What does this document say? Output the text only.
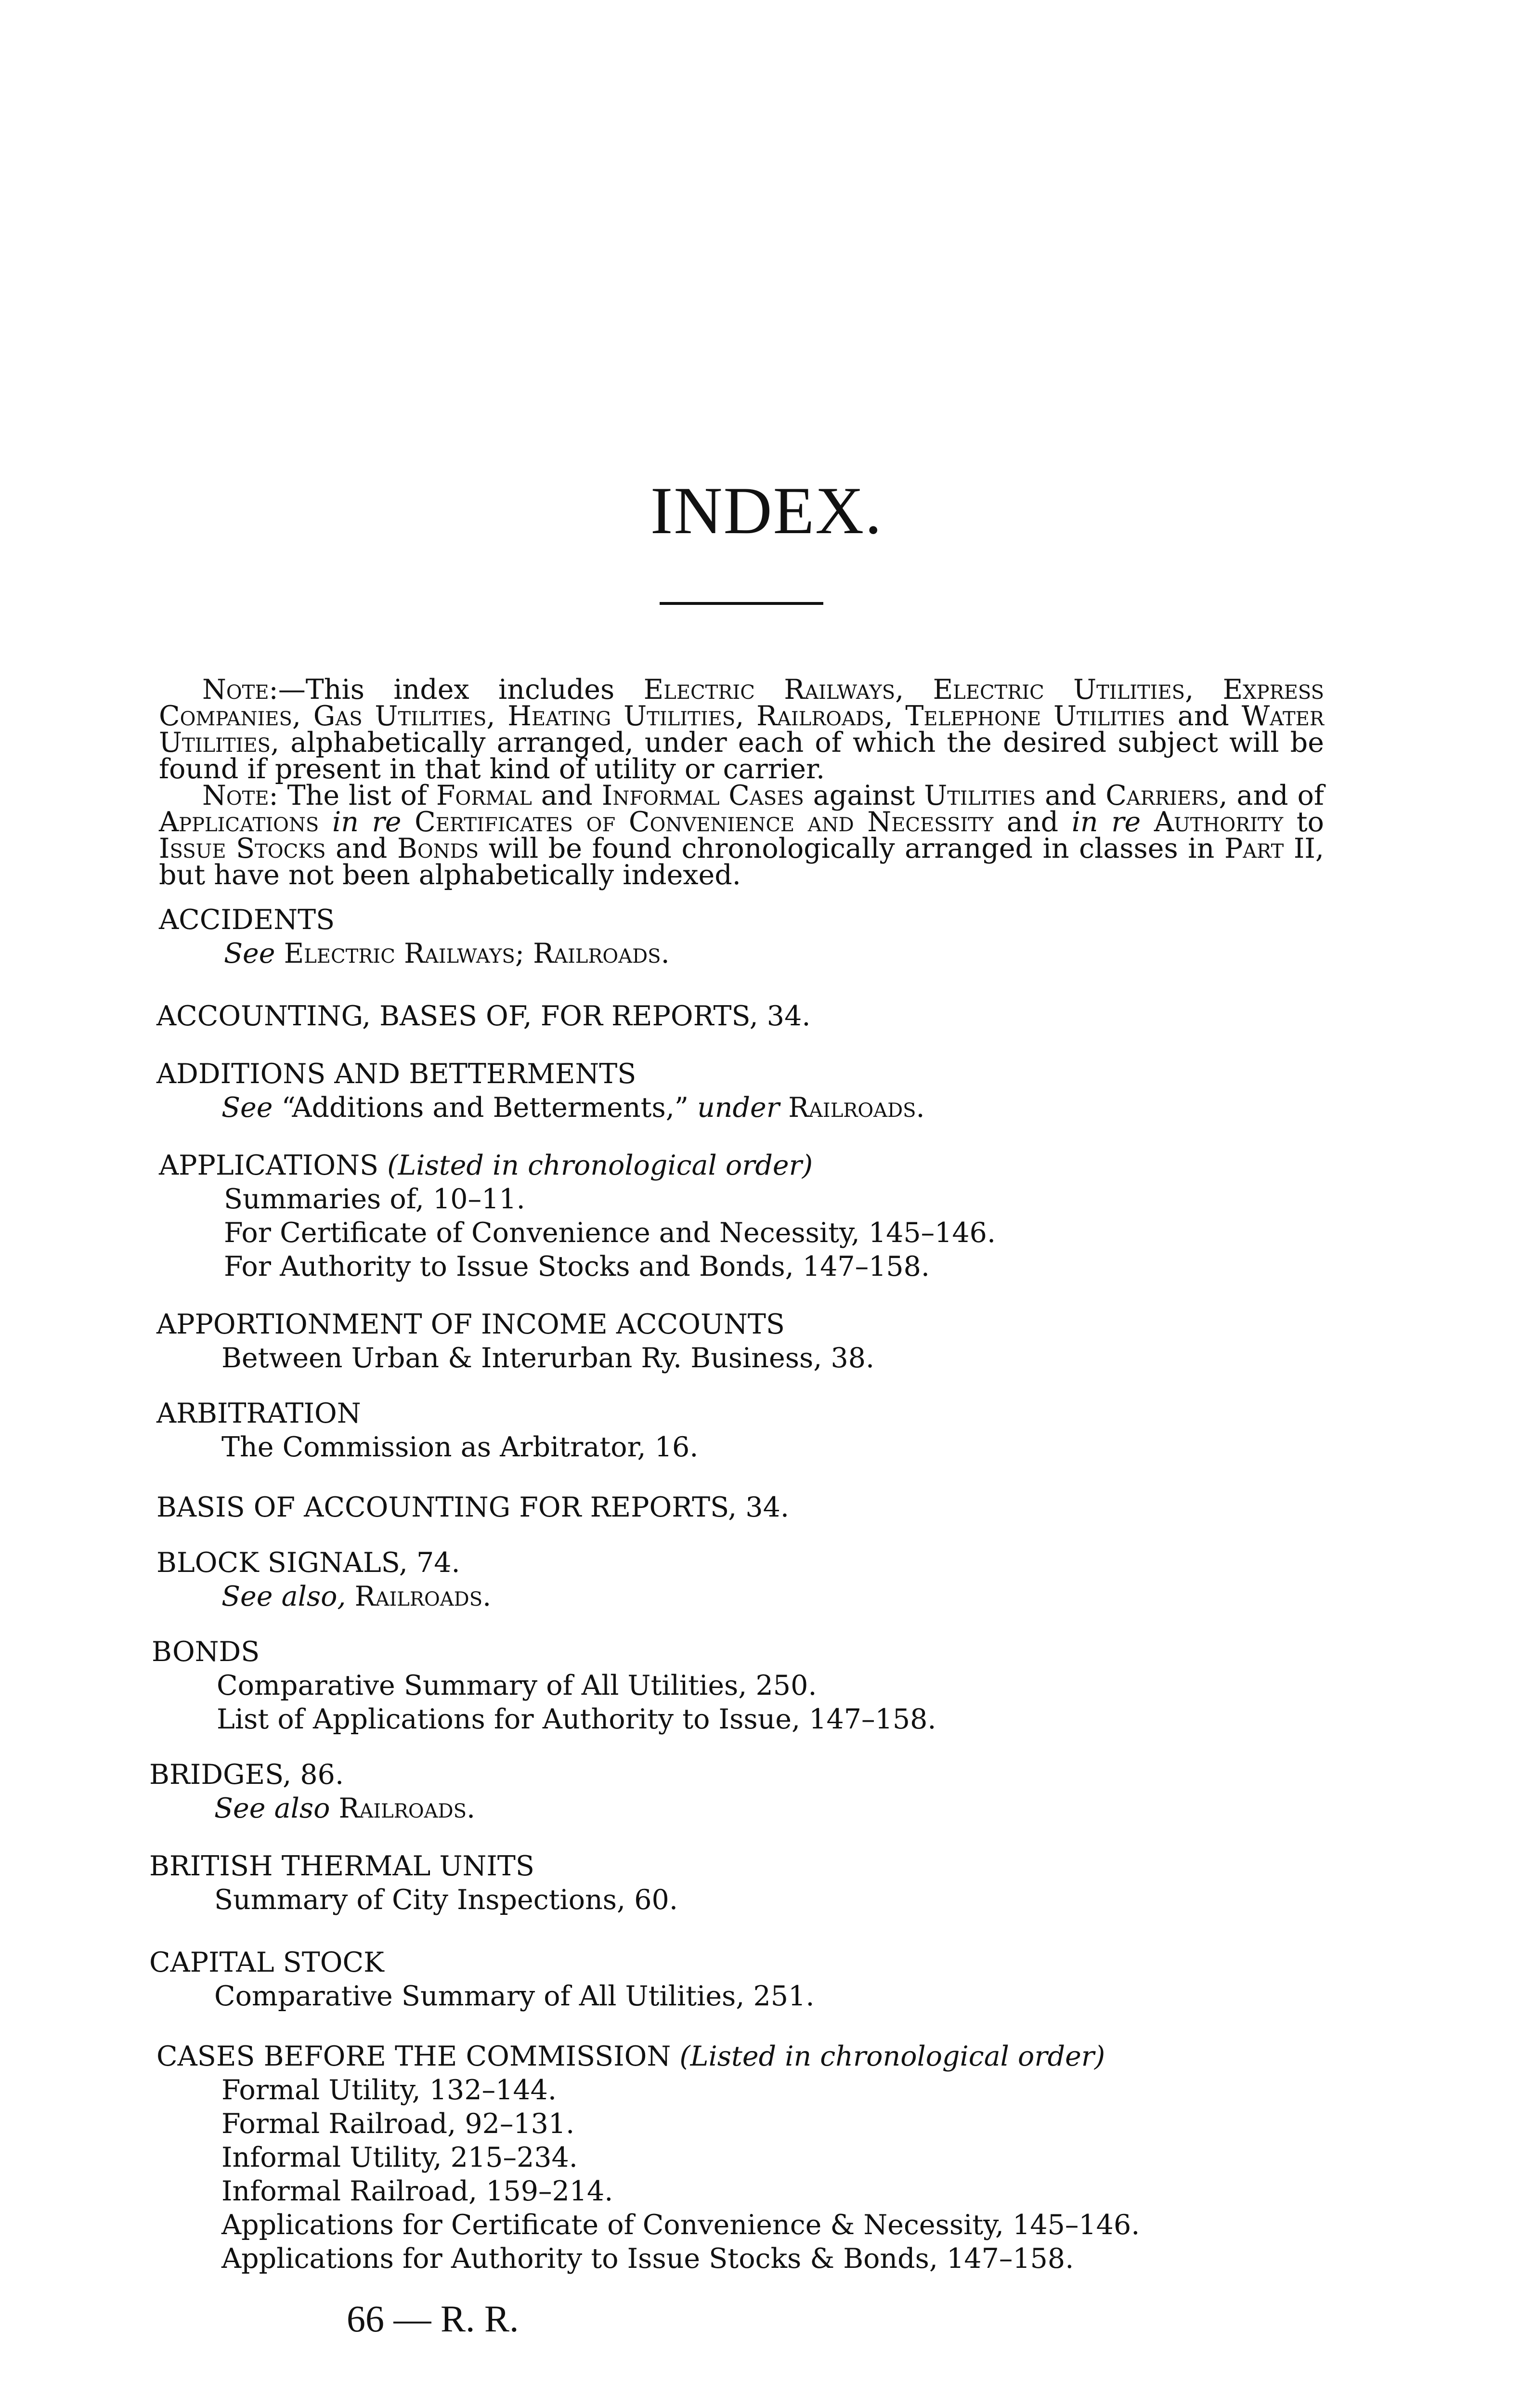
INDEX.

Note:—This index includes Electric Railways, Electric Utilities, Express Companies, Gas Utilities, Heating Utilities, Railroads, Telephone Utilities and Water Utilities, alphabetically arranged, under each of which the desired subject will be found if present in that kind of utility or carrier.

Note: The list of Formal and Informal Cases against Utilities and Carriers, and of Applications in re Certificates of Convenience and Necessity and in re Authority to Issue Stocks and Bonds will be found chronologically arranged in classes in Part II, but have not been alphabetically indexed.

ACCIDENTS
See Electric Railways; Railroads.
ACCOUNTING, BASES OF, FOR REPORTS, 34.
ADDITIONS AND BETTERMENTS
See “Additions and Betterments,” under Railroads.
APPLICATIONS (Listed in chronological order)
Summaries of, 10–11.
For Certificate of Convenience and Necessity, 145–146.
For Authority to Issue Stocks and Bonds, 147–158.
APPORTIONMENT OF INCOME ACCOUNTS
Between Urban & Interurban Ry. Business, 38.
ARBITRATION
The Commission as Arbitrator, 16.
BASIS OF ACCOUNTING FOR REPORTS, 34.
BLOCK SIGNALS, 74.
See also, Railroads.
BONDS
Comparative Summary of All Utilities, 250.
List of Applications for Authority to Issue, 147–158.
BRIDGES, 86.
See also Railroads.
BRITISH THERMAL UNITS
Summary of City Inspections, 60.
CAPITAL STOCK
Comparative Summary of All Utilities, 251.
CASES BEFORE THE COMMISSION (Listed in chronological order)
Formal Utility, 132–144.
Formal Railroad, 92–131.
Informal Utility, 215–234.
Informal Railroad, 159–214.
Applications for Certificate of Convenience & Necessity, 145–146.
Applications for Authority to Issue Stocks & Bonds, 147–158.
66 — R. R.
